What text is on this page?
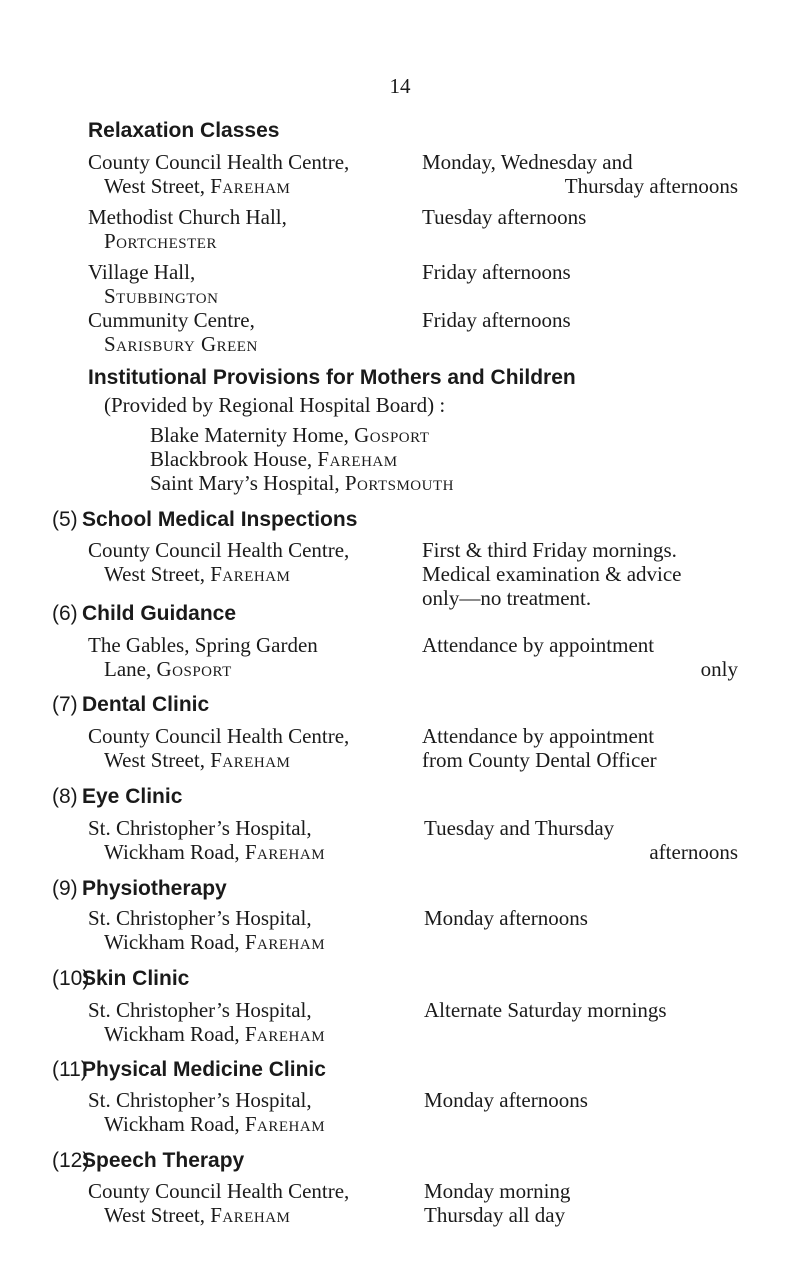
14
Relaxation Classes
County Council Health Centre,
West Street, Fareham
Monday, Wednesday and
Thursday afternoons
Methodist Church Hall,
Portchester
Tuesday afternoons
Village Hall,
Stubbington
Friday afternoons
Cummunity Centre,
Sarisbury Green
Friday afternoons
Institutional Provisions for Mothers and Children
(Provided by Regional Hospital Board) :
Blake Maternity Home, Gosport
Blackbrook House, Fareham
Saint Mary’s Hospital, Portsmouth
(5) School Medical Inspections
County Council Health Centre,
West Street, Fareham
First & third Friday mornings.
Medical examination & advice
only—no treatment.
(6) Child Guidance
The Gables, Spring Garden
Lane, Gosport
Attendance by appointment
only
(7) Dental Clinic
County Council Health Centre,
West Street, Fareham
Attendance by appointment
from County Dental Officer
(8) Eye Clinic
St. Christopher’s Hospital,
Wickham Road, Fareham
Tuesday and Thursday
afternoons
(9) Physiotherapy
St. Christopher’s Hospital,
Wickham Road, Fareham
Monday afternoons
(10)Skin Clinic
St. Christopher’s Hospital,
Wickham Road, Fareham
Alternate Saturday mornings
(11)Physical Medicine Clinic
St. Christopher’s Hospital,
Wickham Road, Fareham
Monday afternoons
(12)Speech Therapy
County Council Health Centre,
West Street, Fareham
Monday morning
Thursday all day
